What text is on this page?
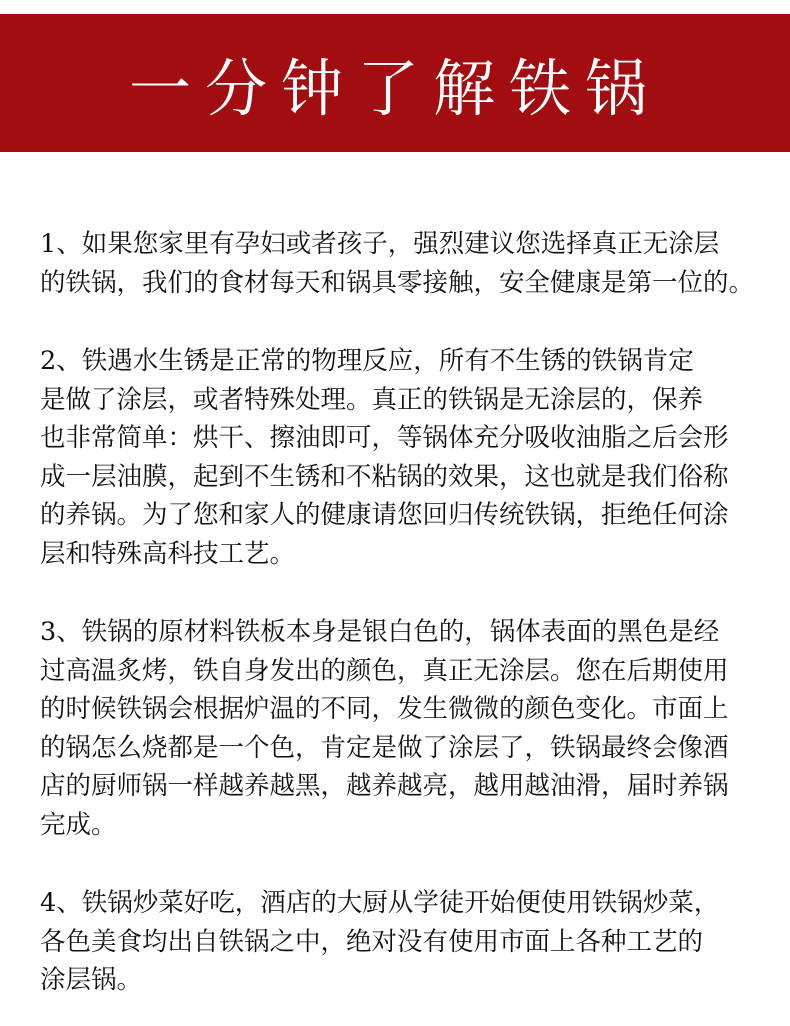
一分钟了解铁锅

1、如果您家里有孕妇或者孩子，强烈建议您选择真正无涂层
的铁锅，我们的食材每天和锅具零接触，安全健康是第一位的。

2、铁遇水生锈是正常的物理反应，所有不生锈的铁锅肯定
是做了涂层，或者特殊处理。真正的铁锅是无涂层的，保养
也非常简单：烘干、擦油即可，等锅体充分吸收油脂之后会形
成一层油膜，起到不生锈和不粘锅的效果，这也就是我们俗称
的养锅。为了您和家人的健康请您回归传统铁锅，拒绝任何涂
层和特殊高科技工艺。

3、铁锅的原材料铁板本身是银白色的，锅体表面的黑色是经
过高温炙烤，铁自身发出的颜色，真正无涂层。您在后期使用
的时候铁锅会根据炉温的不同，发生微微的颜色变化。市面上
的锅怎么烧都是一个色，肯定是做了涂层了，铁锅最终会像酒
店的厨师锅一样越养越黑，越养越亮，越用越油滑，届时养锅
完成。

4、铁锅炒菜好吃，酒店的大厨从学徒开始便使用铁锅炒菜，
各色美食均出自铁锅之中，绝对没有使用市面上各种工艺的
涂层锅。
